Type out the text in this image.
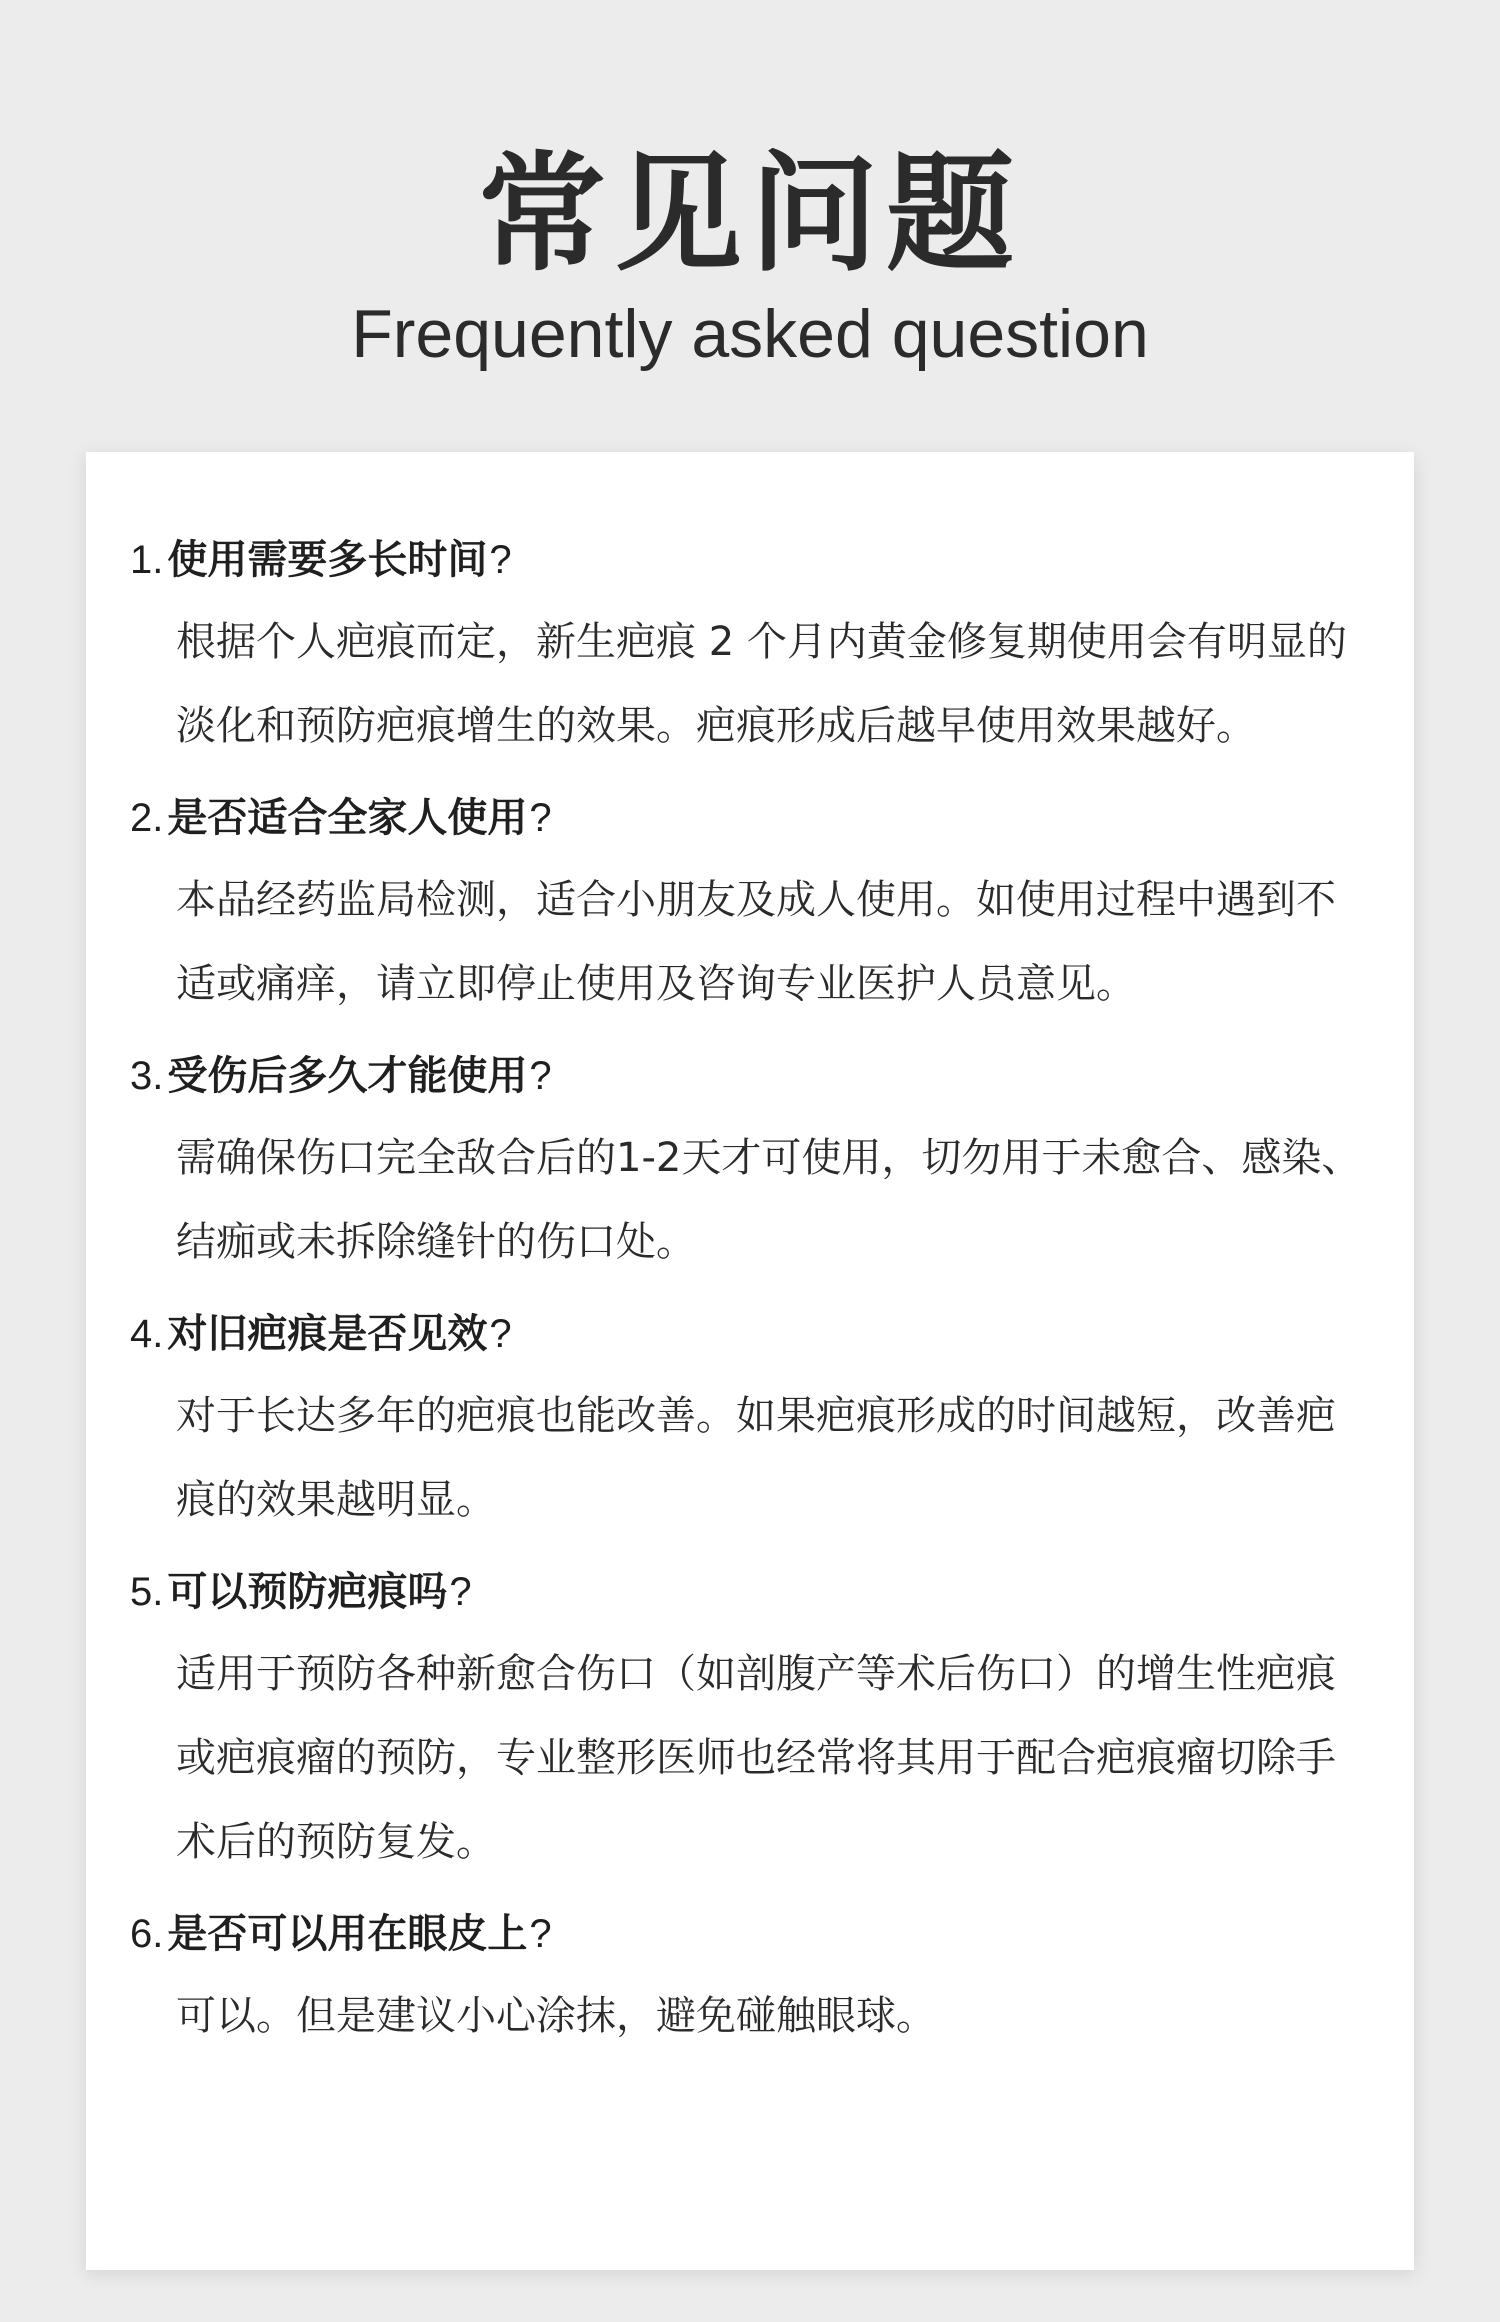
常见问题
Frequently asked question
1. 使用需要多长时间 ?
根据个人疤痕而定，新生疤痕 2 个月内黄金修复期使用会有明显的淡化和预防疤痕增生的效果。疤痕形成后越早使用效果越好。
2. 是否适合全家人使用 ?
本品经药监局检测，适合小朋友及成人使用。如使用过程中遇到不适或痛痒，请立即停止使用及咨询专业医护人员意见。
3. 受伤后多久才能使用 ?
需确保伤口完全敌合后的1-2天才可使用，切勿用于未愈合、感染、结痂或未拆除缝针的伤口处。
4. 对旧疤痕是否见效 ?
对于长达多年的疤痕也能改善。如果疤痕形成的时间越短，改善疤痕的效果越明显。
5. 可以预防疤痕吗 ?
适用于预防各种新愈合伤口（如剖腹产等术后伤口）的增生性疤痕或疤痕瘤的预防，专业整形医师也经常将其用于配合疤痕瘤切除手术后的预防复发。
6. 是否可以用在眼皮上 ?
可以。但是建议小心涂抹，避免碰触眼球。
